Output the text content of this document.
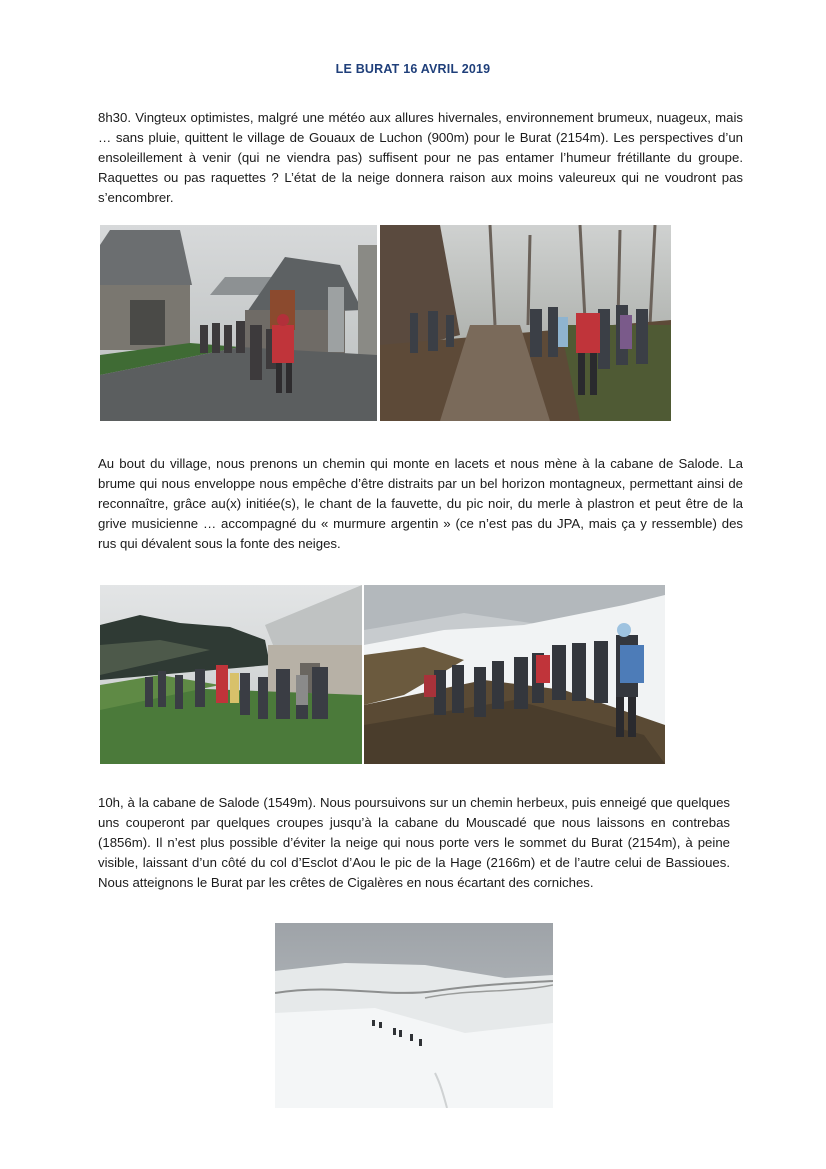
LE BURAT 16 AVRIL 2019

8h30. Vingteux optimistes, malgré une météo aux allures hivernales, environnement brumeux, nuageux, mais … sans pluie, quittent le village de Gouaux de Luchon (900m) pour le Burat (2154m). Les perspectives d’un ensoleillement à venir (qui ne viendra pas) suffisent pour ne pas entamer l’humeur frétillante du groupe. Raquettes ou pas raquettes ? L’état de la neige donnera raison aux moins valeureux qui ne voudront pas s’encombrer.

Au bout du village, nous prenons un chemin qui monte en lacets et nous mène à la cabane de Salode. La brume qui nous enveloppe nous empêche d’être distraits par un bel horizon montagneux, permettant ainsi de reconnaître, grâce au(x) initiée(s), le chant de la fauvette, du pic noir, du merle à plastron et peut être de la grive musicienne … accompagné du « murmure argentin » (ce n’est pas du JPA, mais ça y ressemble) des rus qui dévalent sous la fonte des neiges.

10h, à la cabane de Salode (1549m). Nous poursuivons sur un chemin herbeux, puis enneigé que quelques uns couperont par quelques croupes jusqu’à la cabane du Mouscadé que nous laissons en contrebas (1856m). Il n’est plus possible d’éviter la neige qui nous porte vers le sommet du Burat (2154m), à peine visible, laissant d’un côté du col d’Esclot d’Aou le pic de la Hage (2166m) et de l’autre celui de Bassioues. Nous atteignons le Burat par les crêtes de Cigalères en nous écartant des corniches.
